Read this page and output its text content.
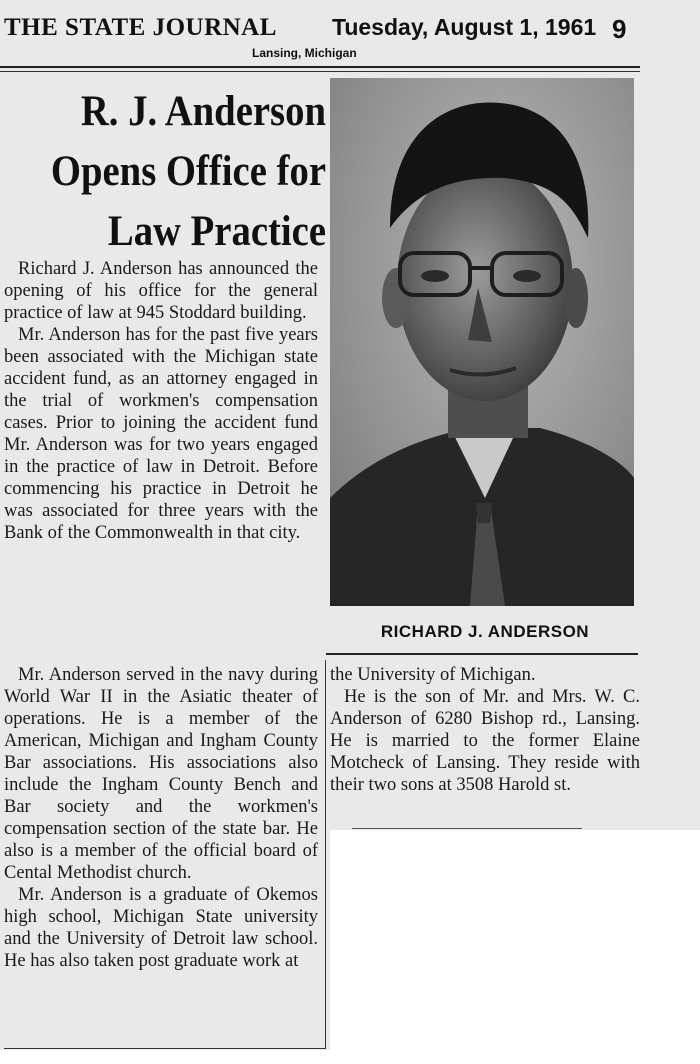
THE STATE JOURNAL Tuesday, August 1, 1961 9
Lansing, Michigan
R. J. Anderson
Opens Office for
Law Practice
RICHARD J. ANDERSON

Richard J. Anderson has announced the opening of his office for the general practice of law at 945 Stoddard building.

Mr. Anderson has for the past five years been associated with the Michigan state accident fund, as an attorney engaged in the trial of workmen's compensation cases. Prior to joining the accident fund Mr. Anderson was for two years engaged in the practice of law in Detroit. Before commencing his practice in Detroit he was associated for three years with the Bank of the Commonwealth in that city.

Mr. Anderson served in the navy during World War II in the Asiatic theater of operations. He is a member of the American, Michigan and Ingham County Bar associations. His associations also include the Ingham County Bench and Bar society and the workmen's compensation section of the state bar. He also is a member of the official board of Cental Methodist church.

Mr. Anderson is a graduate of Okemos high school, Michigan State university and the University of Detroit law school. He has also taken post graduate work at

the University of Michigan.

He is the son of Mr. and Mrs. W. C. Anderson of 6280 Bishop rd., Lansing. He is married to the former Elaine Motcheck of Lansing. They reside with their two sons at 3508 Harold st.
